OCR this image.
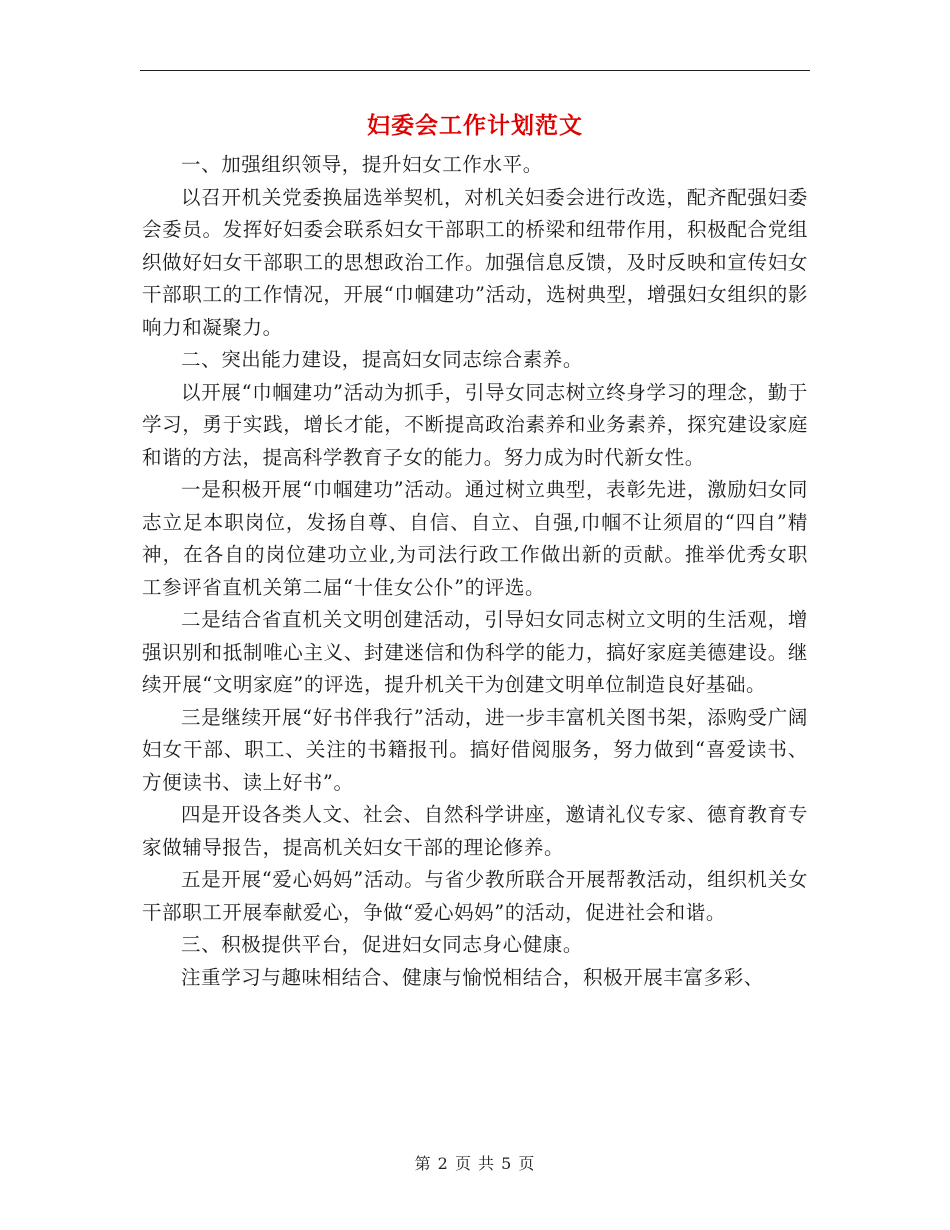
妇委会工作计划范文

一、加强组织领导，提升妇女工作水平。

以召开机关党委换届选举契机，对机关妇委会进行改选，配齐配强妇委会委员。发挥好妇委会联系妇女干部职工的桥梁和纽带作用，积极配合党组织做好妇女干部职工的思想政治工作。加强信息反馈，及时反映和宣传妇女干部职工的工作情况，开展“巾帼建功”活动，选树典型，增强妇女组织的影响力和凝聚力。

二、突出能力建设，提高妇女同志综合素养。

以开展“巾帼建功”活动为抓手，引导女同志树立终身学习的理念，勤于学习，勇于实践，增长才能，不断提高政治素养和业务素养，探究建设家庭和谐的方法，提高科学教育子女的能力。努力成为时代新女性。

一是积极开展“巾帼建功”活动。通过树立典型，表彰先进，激励妇女同志立足本职岗位，发扬自尊、自信、自立、自强,巾帼不让须眉的“四自”精神，在各自的岗位建功立业,为司法行政工作做出新的贡献。推举优秀女职工参评省直机关第二届“十佳女公仆”的评选。

二是结合省直机关文明创建活动，引导妇女同志树立文明的生活观，增强识别和抵制唯心主义、封建迷信和伪科学的能力，搞好家庭美德建设。继续开展“文明家庭”的评选，提升机关干为创建文明单位制造良好基础。

三是继续开展“好书伴我行”活动，进一步丰富机关图书架，添购受广阔妇女干部、职工、关注的书籍报刊。搞好借阅服务，努力做到“喜爱读书、方便读书、读上好书”。

四是开设各类人文、社会、自然科学讲座，邀请礼仪专家、德育教育专家做辅导报告，提高机关妇女干部的理论修养。

五是开展“爱心妈妈”活动。与省少教所联合开展帮教活动，组织机关女干部职工开展奉献爱心，争做“爱心妈妈”的活动，促进社会和谐。

三、积极提供平台，促进妇女同志身心健康。

注重学习与趣味相结合、健康与愉悦相结合，积极开展丰富多彩、

第 2 页 共 5 页
